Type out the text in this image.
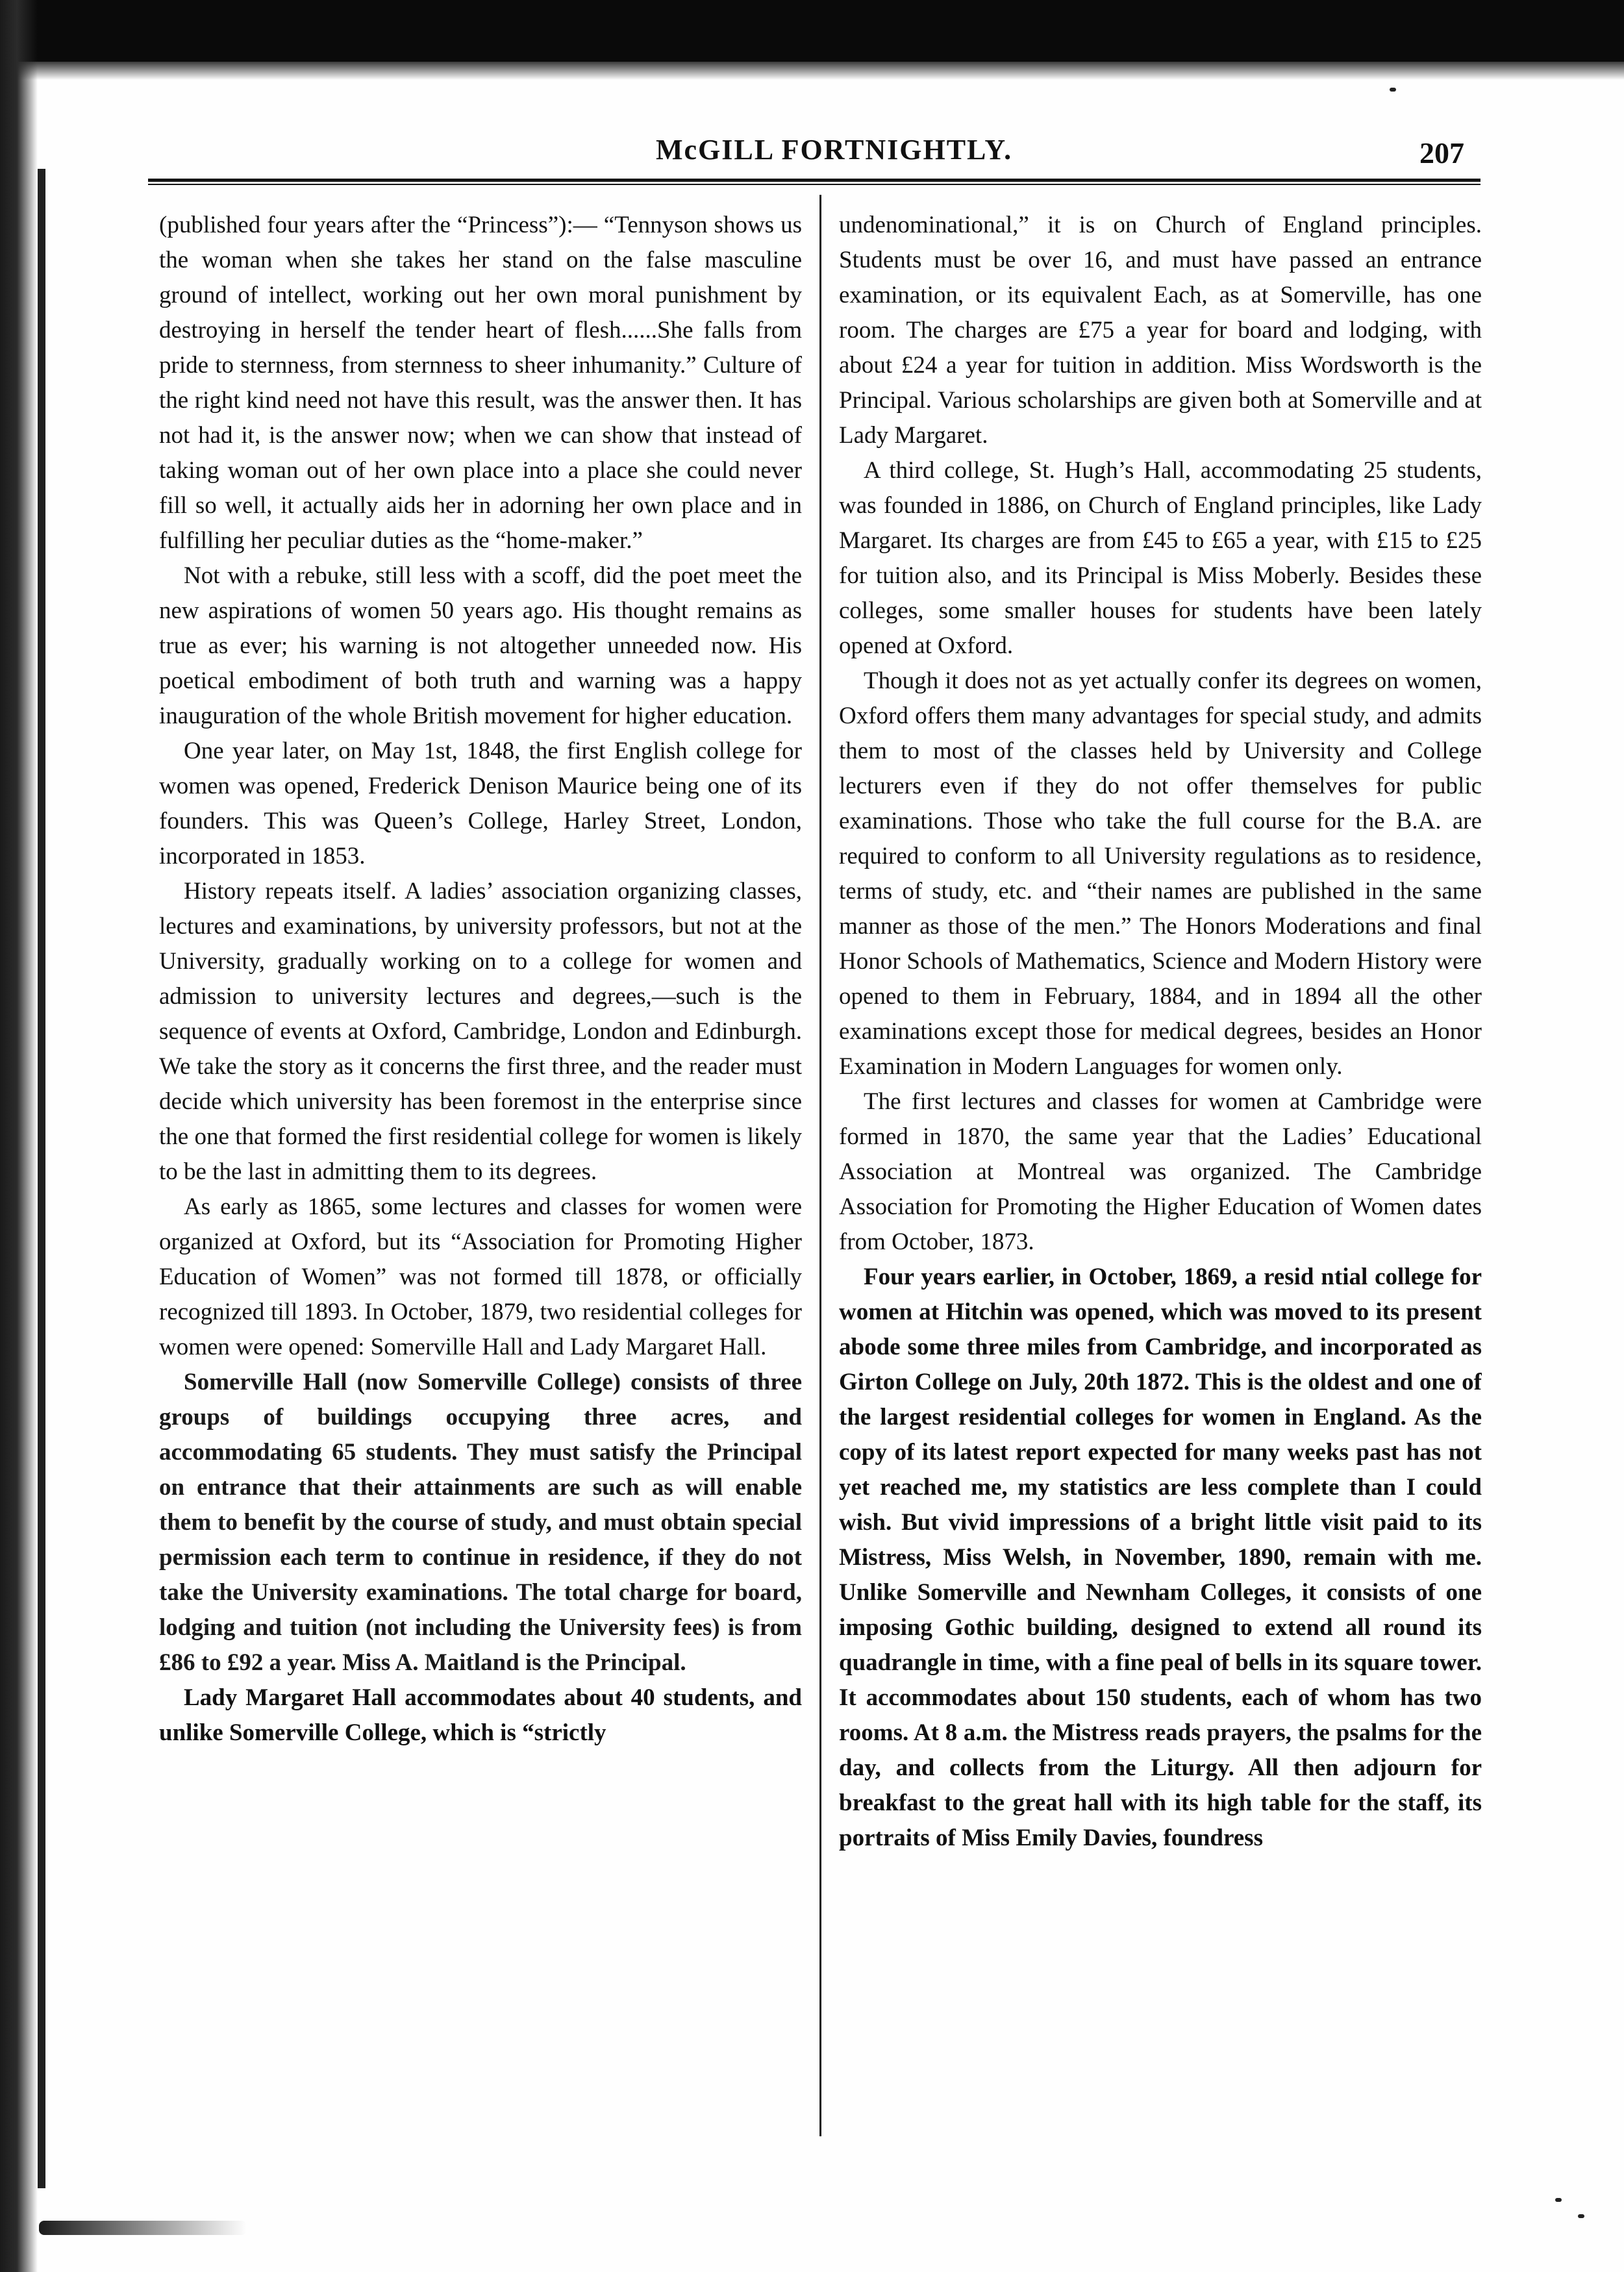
McGILL FORTNIGHTLY.	207

(published four years after the “Princess”):— “Tennyson shows us the woman when she takes her stand on the false masculine ground of intellect, working out her own moral punishment by destroying in herself the tender heart of flesh......She falls from pride to sternness, from sternness to sheer inhumanity.” Culture of the right kind need not have this result, was the answer then. It has not had it, is the answer now; when we can show that instead of taking woman out of her own place into a place she could never fill so well, it actually aids her in adorning her own place and in fulfilling her peculiar duties as the “home-maker.”

Not with a rebuke, still less with a scoff, did the poet meet the new aspirations of women 50 years ago. His thought remains as true as ever; his warning is not altogether unneeded now. His poetical embodiment of both truth and warning was a happy inauguration of the whole British movement for higher education.

One year later, on May 1st, 1848, the first English college for women was opened, Frederick Denison Maurice being one of its founders. This was Queen’s College, Harley Street, London, incorporated in 1853.

History repeats itself. A ladies’ association organizing classes, lectures and examinations, by university professors, but not at the University, gradually working on to a college for women and admission to university lectures and degrees,—such is the sequence of events at Oxford, Cambridge, London and Edinburgh. We take the story as it concerns the first three, and the reader must decide which university has been foremost in the enterprise since the one that formed the first residential college for women is likely to be the last in admitting them to its degrees.

As early as 1865, some lectures and classes for women were organized at Oxford, but its “Association for Promoting Higher Education of Women” was not formed till 1878, or officially recognized till 1893. In October, 1879, two residential colleges for women were opened: Somerville Hall and Lady Margaret Hall.

Somerville Hall (now Somerville College) consists of three groups of buildings occupying three acres, and accommodating 65 students. They must satisfy the Principal on entrance that their attainments are such as will enable them to benefit by the course of study, and must obtain special permission each term to continue in residence, if they do not take the University examinations. The total charge for board, lodging and tuition (not including the University fees) is from £86 to £92 a year. Miss A. Maitland is the Principal.

Lady Margaret Hall accommodates about 40 students, and unlike Somerville College, which is “strictly

undenominational,” it is on Church of England principles. Students must be over 16, and must have passed an entrance examination, or its equivalent Each, as at Somerville, has one room. The charges are £75 a year for board and lodging, with about £24 a year for tuition in addition. Miss Wordsworth is the Principal. Various scholarships are given both at Somerville and at Lady Margaret.

A third college, St. Hugh’s Hall, accommodating 25 students, was founded in 1886, on Church of England principles, like Lady Margaret. Its charges are from £45 to £65 a year, with £15 to £25 for tuition also, and its Principal is Miss Moberly. Besides these colleges, some smaller houses for students have been lately opened at Oxford.

Though it does not as yet actually confer its degrees on women, Oxford offers them many advantages for special study, and admits them to most of the classes held by University and College lecturers even if they do not offer themselves for public examinations. Those who take the full course for the B.A. are required to conform to all University regulations as to residence, terms of study, etc. and “their names are published in the same manner as those of the men.” The Honors Moderations and final Honor Schools of Mathematics, Science and Modern History were opened to them in February, 1884, and in 1894 all the other examinations except those for medical degrees, besides an Honor Examination in Modern Languages for women only.

The first lectures and classes for women at Cambridge were formed in 1870, the same year that the Ladies’ Educational Association at Montreal was organized. The Cambridge Association for Promoting the Higher Education of Women dates from October, 1873.

Four years earlier, in October, 1869, a resid ntial college for women at Hitchin was opened, which was moved to its present abode some three miles from Cambridge, and incorporated as Girton College on July, 20th 1872. This is the oldest and one of the largest residential colleges for women in England. As the copy of its latest report expected for many weeks past has not yet reached me, my statistics are less complete than I could wish. But vivid impressions of a bright little visit paid to its Mistress, Miss Welsh, in November, 1890, remain with me. Unlike Somerville and Newnham Colleges, it consists of one imposing Gothic building, designed to extend all round its quadrangle in time, with a fine peal of bells in its square tower. It accommodates about 150 students, each of whom has two rooms. At 8 a.m. the Mistress reads prayers, the psalms for the day, and collects from the Liturgy. All then adjourn for breakfast to the great hall with its high table for the staff, its portraits of Miss Emily Davies, foundress
